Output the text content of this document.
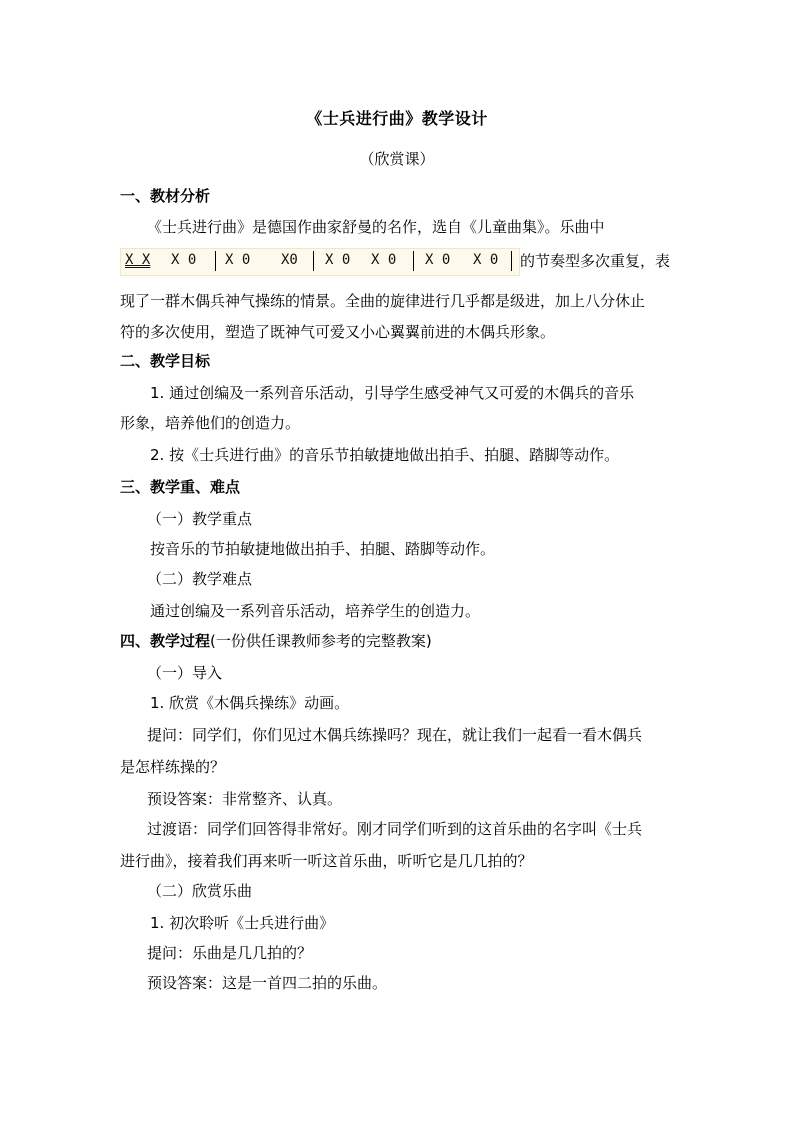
《士兵进行曲》教学设计
（欣赏课）
一、教材分析
《士兵进行曲》是德国作曲家舒曼的名作，选自《儿童曲集》。乐曲中
X X X 0 X 0 X0 X 0 X 0 X 0 X 0 的节奏型多次重复，表
现了一群木偶兵神气操练的情景。全曲的旋律进行几乎都是级进，加上八分休止
符的多次使用，塑造了既神气可爱又小心翼翼前进的木偶兵形象。
二、教学目标
1. 通过创编及一系列音乐活动，引导学生感受神气又可爱的木偶兵的音乐
形象，培养他们的创造力。
2. 按《士兵进行曲》的音乐节拍敏捷地做出拍手、拍腿、踏脚等动作。
三、教学重、难点
（一）教学重点
按音乐的节拍敏捷地做出拍手、拍腿、踏脚等动作。
（二）教学难点
通过创编及一系列音乐活动，培养学生的创造力。
四、教学过程(一份供任课教师参考的完整教案)
（一）导入
1. 欣赏《木偶兵操练》动画。
提问：同学们，你们见过木偶兵练操吗？现在，就让我们一起看一看木偶兵
是怎样练操的？
预设答案：非常整齐、认真。
过渡语：同学们回答得非常好。刚才同学们听到的这首乐曲的名字叫《士兵
进行曲》，接着我们再来听一听这首乐曲，听听它是几几拍的？
（二）欣赏乐曲
1. 初次聆听《士兵进行曲》
提问：乐曲是几几拍的？
预设答案：这是一首四二拍的乐曲。
